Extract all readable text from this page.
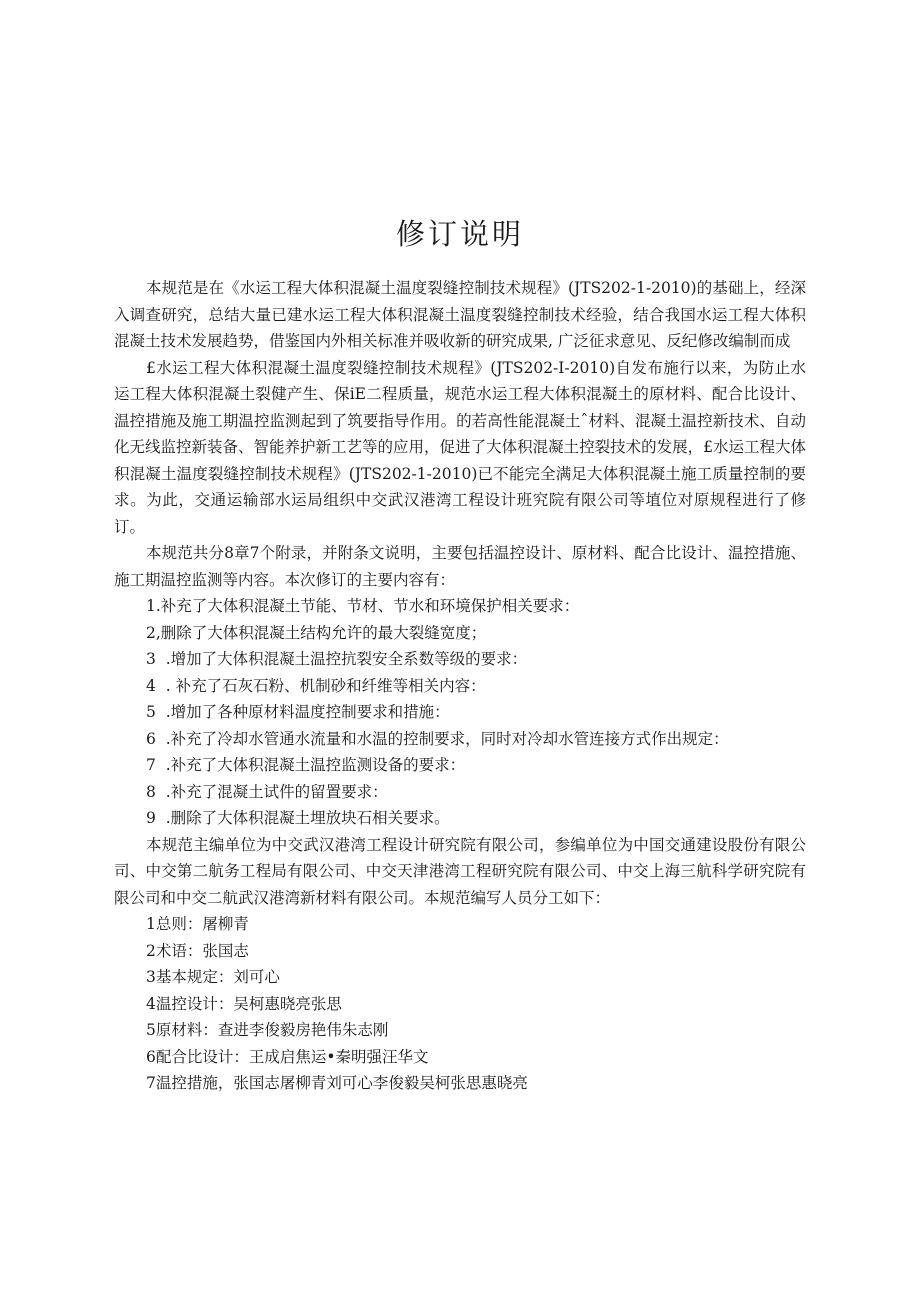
修订说明

本规范是在《水运工程大体积混凝土温度裂缝控制技术规程》(JTS202-1-2010)的基础上，经深入调查研究，总结大量已建水运工程大体积混凝土温度裂缝控制技术经验，结合我国水运工程大体积混凝土技术发展趋势，借鉴国内外相关标准并吸收新的研究成果, 广泛征求意见、反纪修改编制而成

£水运工程大体积混凝土温度裂缝控制技术规程》(JTS202-I-2010)自发布施行以来，为防止水运工程大体积混凝土裂健产生、保iE二程质量，规范水运工程大体积混凝土的原材料、配合比设计、温控措施及施工期温控监测起到了筑要指导作用。的若高性能混凝土ˆ材料、混凝土温控新技术、自动化无线监控新装备、智能养护新工艺等的应用，促进了大体积混凝土控裂技术的发展，£水运工程大体积混凝土温度裂缝控制技术规程》(JTS202-1-2010)已不能完全满足大体积混凝土施工质量控制的要求。为此，交通运输部水运局组织中交武汉港湾工程设计班究院有限公司等埴位对原规程进行了修订。

本规范共分8章7个附录，并附条文说明，主要包括温控设计、原材料、配合比设计、温控措施、施工期温控监测等内容。本次修订的主要内容有：

1.补充了大体积混凝土节能、节材、节水和环境保护相关要求：

2,删除了大体积混凝土结构允许的最大裂缝宽度；

3  .增加了大体积混凝土温控抗裂安全系数等级的要求：

4  . 补充了石灰石粉、机制砂和纤维等相关内容：

5  .增加了各种原材料温度控制要求和措施：

6  .补充了冷却水管通水流量和水温的控制要求，同时对冷却水管连接方式作出规定：

7  .补充了大体积混凝土温控监测设备的要求：

8  .补充了混凝土试件的留置要求：

9  .删除了大体积混凝土埋放块石相关要求。

本规范主编单位为中交武汉港湾工程设计研究院有限公司，参编单位为中国交通建设股份有限公司、中交第二航务工程局有限公司、中交天津港湾工程研究院有限公司、中交上海三航科学研究院有限公司和中交二航武汉港湾新材料有限公司。本规范编写人员分工如下：

1总则：屠柳青

2术语：张国志

3基本规定：刘可心

4温控设计：吴柯惠晓亮张思

5原材料：查进李俊毅房艳伟朱志刚

6配合比设计：王成启焦运•秦明强汪华文

7温控措施，张国志屠柳青刘可心李俊毅吴柯张思惠晓亮
